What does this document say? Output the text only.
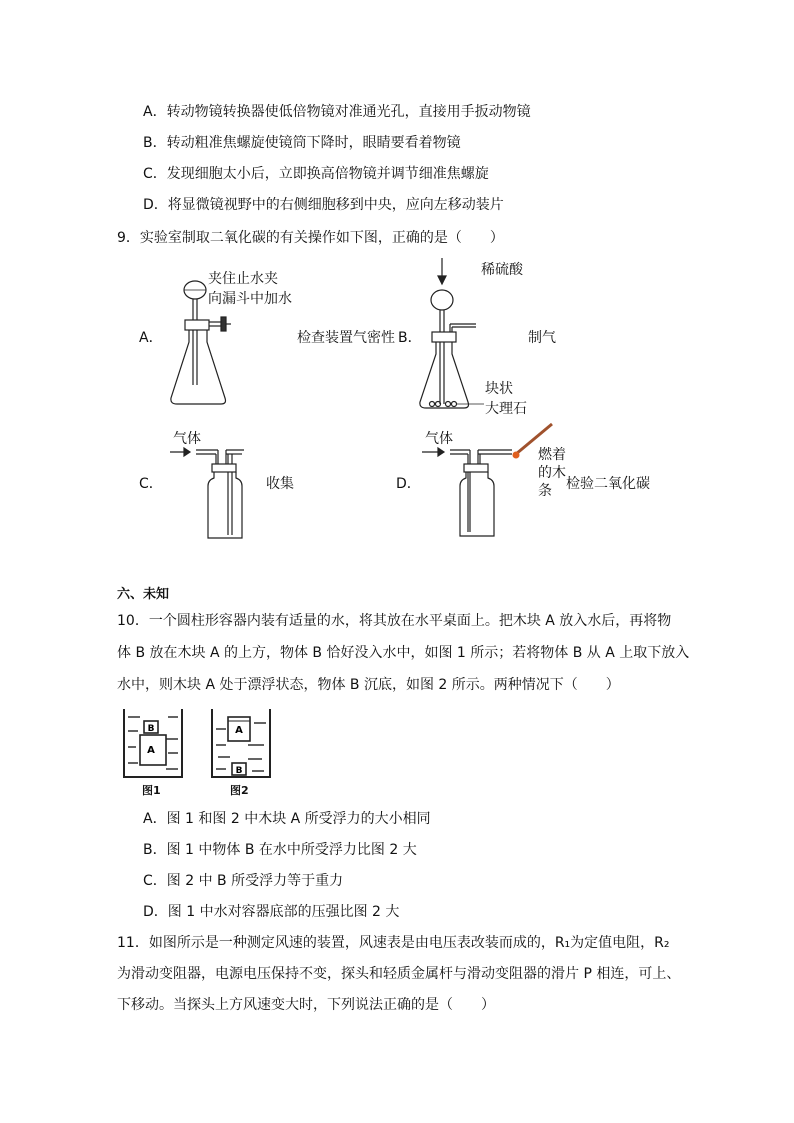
A．转动物镜转换器使低倍物镜对准通光孔，直接用手扳动物镜
B．转动粗准焦螺旋使镜筒下降时，眼睛要看着物镜
C．发现细胞太小后，立即换高倍物镜并调节细准焦螺旋
D．将显微镜视野中的右侧细胞移到中央，应向左移动装片
9．实验室制取二氧化碳的有关操作如下图，正确的是（　　）
A．
夹住止水夹
向漏斗中加水
检查装置气密性 B．
稀硫酸
块状
大理石
制气
C．
气体
收集	D．
气体
燃着
的木
条 检验二氧化碳
六、未知
10．一个圆柱形容器内装有适量的水，将其放在水平桌面上。把木块 A 放入水后，再将物
体 B 放在木块 A 的上方，物体 B 恰好没入水中，如图 1 所示；若将物体 B 从 A 上取下放入
水中，则木块 A 处于漂浮状态，物体 B 沉底，如图 2 所示。两种情况下（　　）
B
A
图1
A
B
图2
A．图 1 和图 2 中木块 A 所受浮力的大小相同
B．图 1 中物体 B 在水中所受浮力比图 2 大
C．图 2 中 B 所受浮力等于重力
D．图 1 中水对容器底部的压强比图 2 大
11．如图所示是一种测定风速的装置，风速表是由电压表改装而成的，R₁为定值电阻，R₂
为滑动变阻器，电源电压保持不变，探头和轻质金属杆与滑动变阻器的滑片 P 相连，可上、
下移动。当探头上方风速变大时，下列说法正确的是（　　）
